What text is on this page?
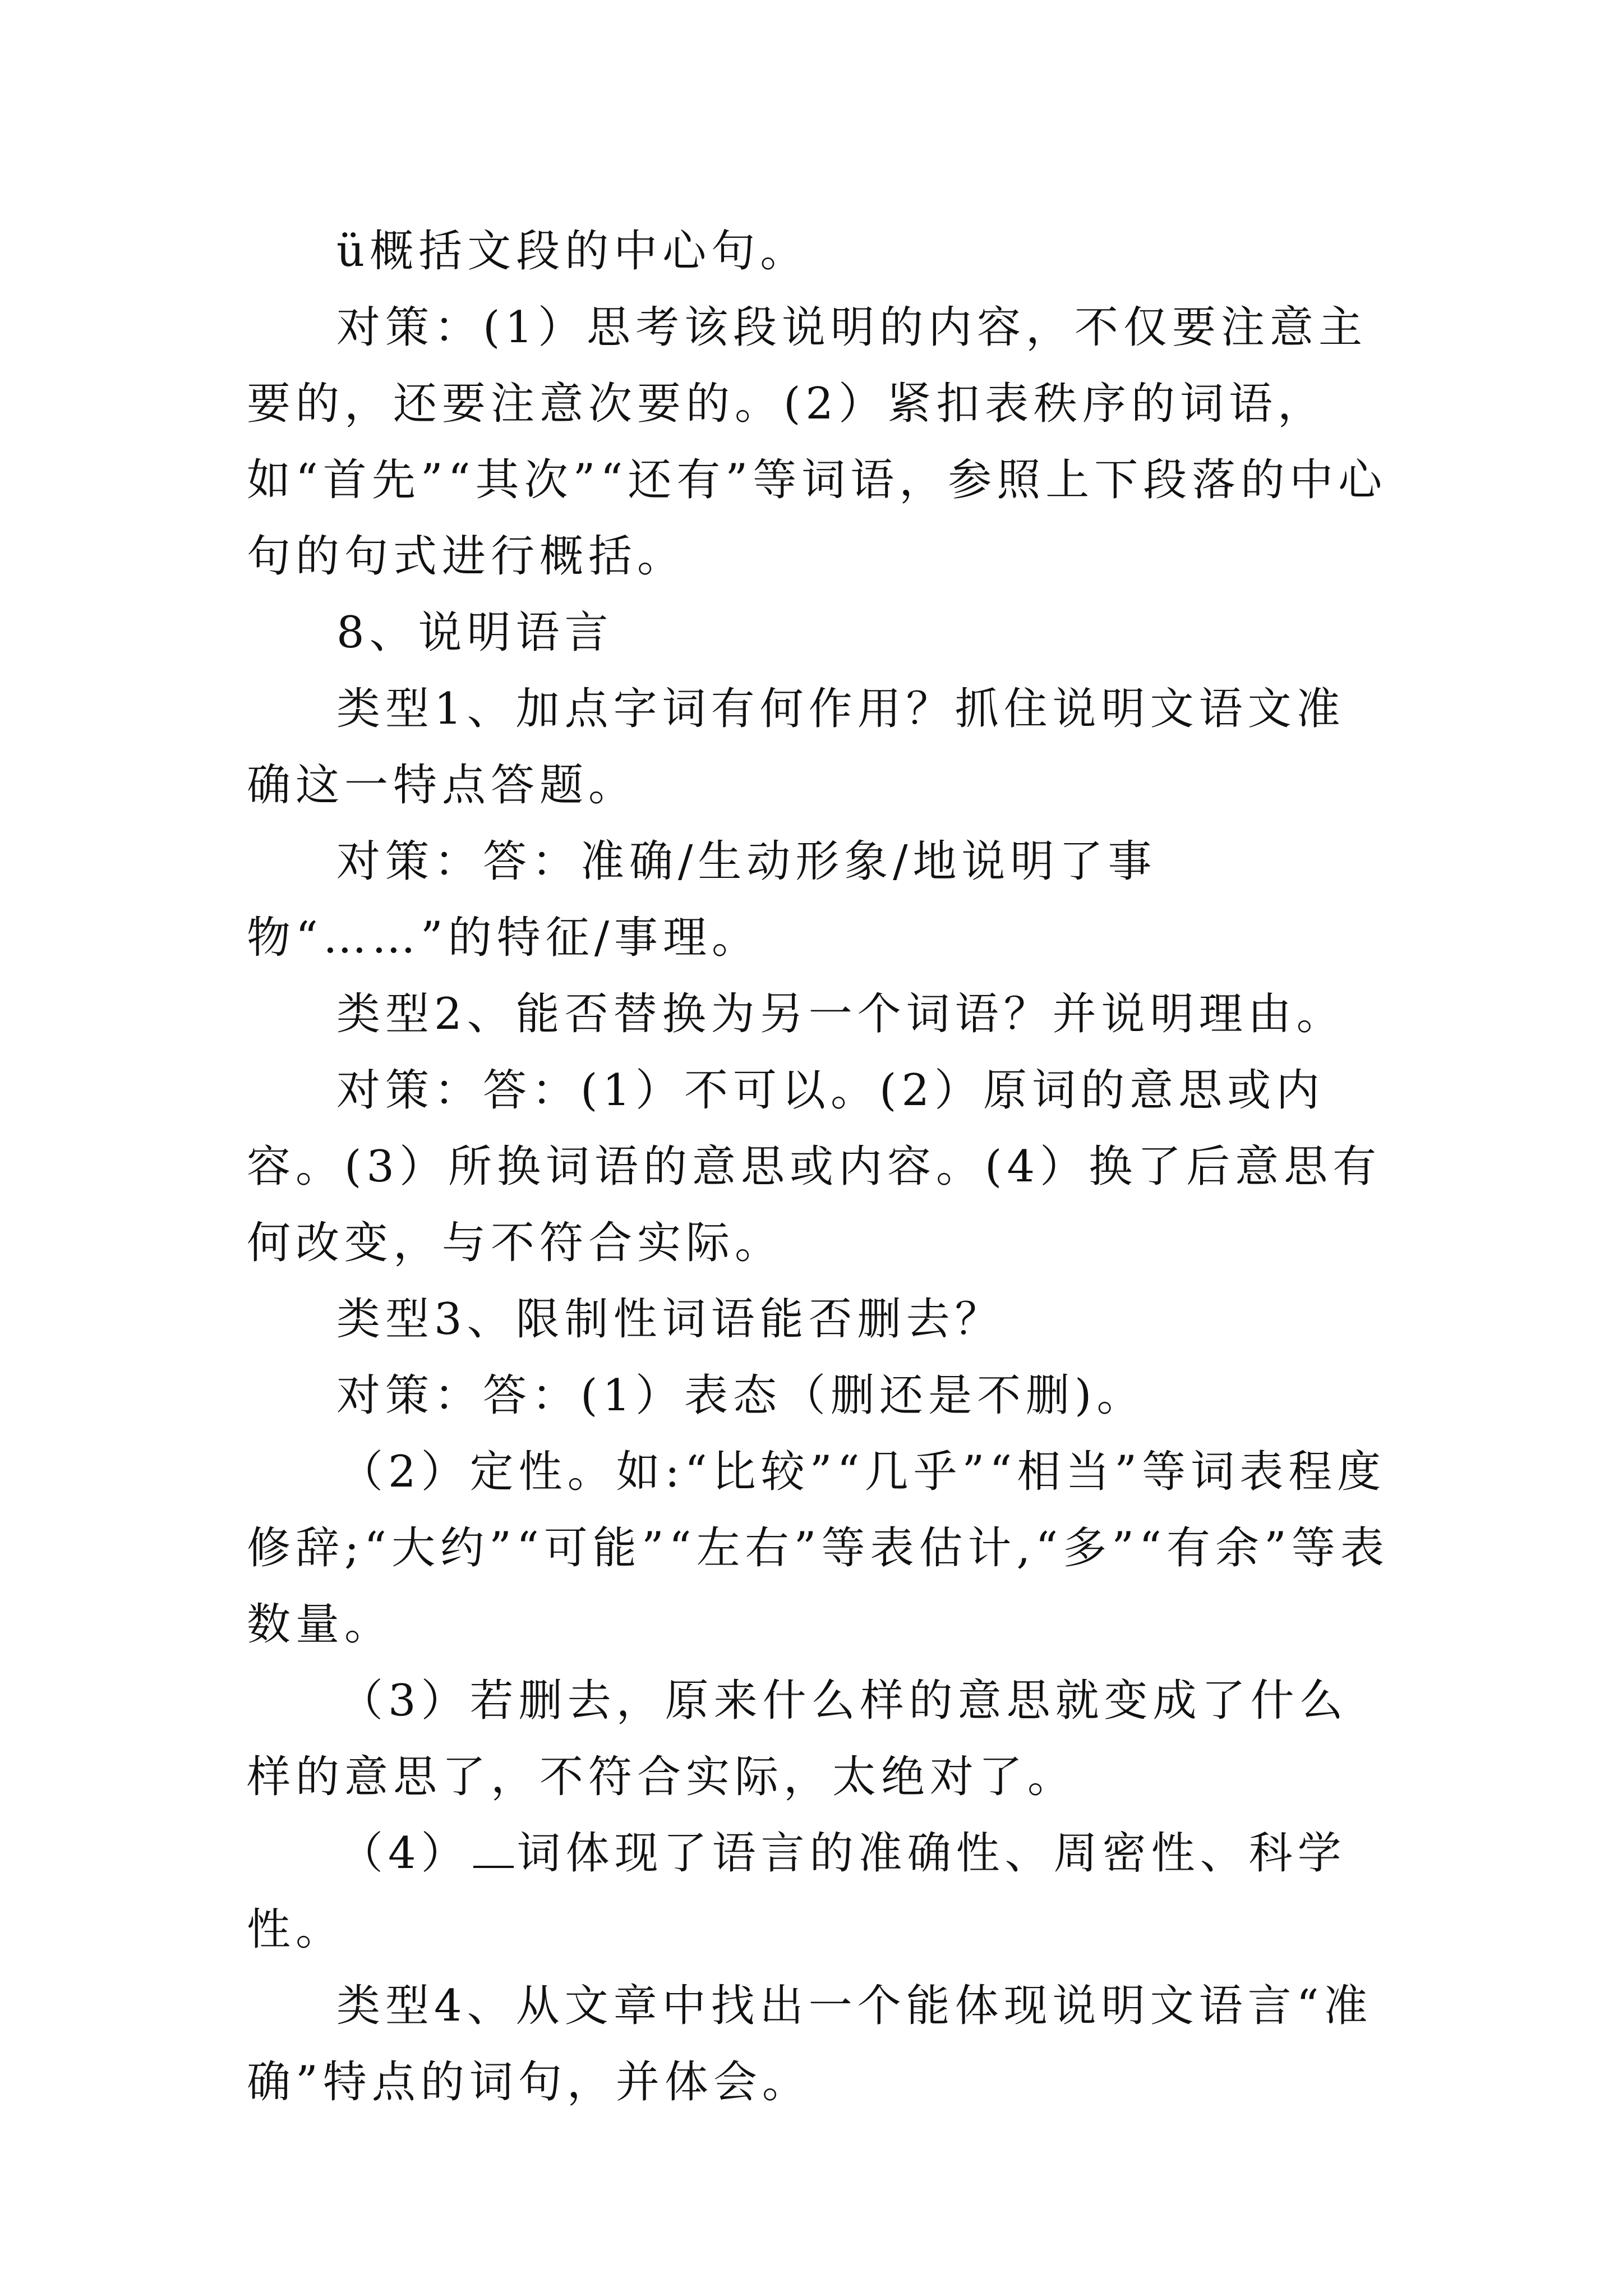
ü概括文段的中心句。

对策：(1）思考该段说明的内容，不仅要注意主要的，还要注意次要的。(2）紧扣表秩序的词语，如“首先”“其次”“还有”等词语，参照上下段落的中心句的句式进行概括。

8、说明语言

类型1、加点字词有何作用？抓住说明文语文准确这一特点答题。

对策：答：准确/生动形象/地说明了事物“……”的特征/事理。

类型2、能否替换为另一个词语？并说明理由。

对策：答：(1）不可以。(2）原词的意思或内容。(3）所换词语的意思或内容。(4）换了后意思有何改变，与不符合实际。

类型3、限制性词语能否删去？

对策：答：(1）表态（删还是不删)。

（2）定性。如:“比较”“几乎”“相当”等词表程度修辞;“大约”“可能”“左右”等表估计,“多”“有余”等表数量。

（3）若删去，原来什么样的意思就变成了什么样的意思了，不符合实际，太绝对了。

（4） 词体现了语言的准确性、周密性、科学性。

类型4、从文章中找出一个能体现说明文语言“准确”特点的词句，并体会。
